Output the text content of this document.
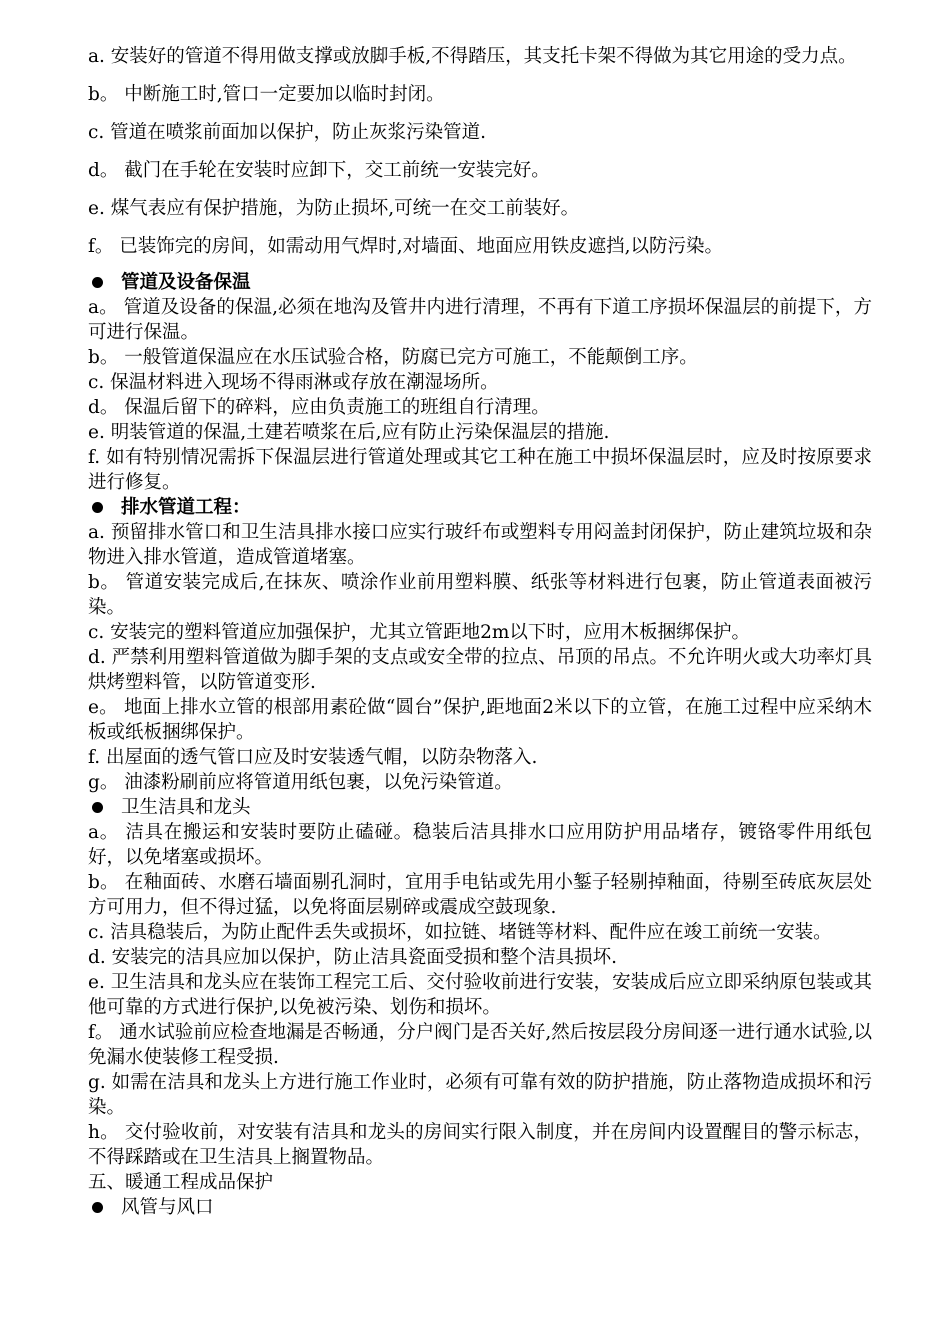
a. 安装好的管道不得用做支撑或放脚手板,不得踏压，其支托卡架不得做为其它用途的受力点。

b。 中断施工时,管口一定要加以临时封闭。

c. 管道在喷浆前面加以保护，防止灰浆污染管道.

d。 截门在手轮在安装时应卸下，交工前统一安装完好。

e. 煤气表应有保护措施，为防止损坏,可统一在交工前装好。

f。 已装饰完的房间，如需动用气焊时,对墙面、地面应用铁皮遮挡,以防污染。

管道及设备保温

a。 管道及设备的保温,必须在地沟及管井内进行清理，不再有下道工序损坏保温层的前提下，方可进行保温。

b。 一般管道保温应在水压试验合格，防腐已完方可施工，不能颠倒工序。

c. 保温材料进入现场不得雨淋或存放在潮湿场所。

d。 保温后留下的碎料，应由负责施工的班组自行清理。

e. 明装管道的保温,土建若喷浆在后,应有防止污染保温层的措施.

f. 如有特别情况需拆下保温层进行管道处理或其它工种在施工中损坏保温层时，应及时按原要求进行修复。

排水管道工程：

a. 预留排水管口和卫生洁具排水接口应实行玻纤布或塑料专用闷盖封闭保护，防止建筑垃圾和杂物进入排水管道，造成管道堵塞。

b。 管道安装完成后,在抹灰、喷涂作业前用塑料膜、纸张等材料进行包裹，防止管道表面被污染。

c. 安装完的塑料管道应加强保护，尤其立管距地2m以下时，应用木板捆绑保护。

d. 严禁利用塑料管道做为脚手架的支点或安全带的拉点、吊顶的吊点。不允许明火或大功率灯具烘烤塑料管，以防管道变形.

e。 地面上排水立管的根部用素砼做“圆台”保护,距地面2米以下的立管，在施工过程中应采纳木板或纸板捆绑保护。

f. 出屋面的透气管口应及时安装透气帽，以防杂物落入.

g。 油漆粉刷前应将管道用纸包裹，以免污染管道。

卫生洁具和龙头

a。 洁具在搬运和安装时要防止磕碰。稳装后洁具排水口应用防护用品堵存，镀铬零件用纸包好，以免堵塞或损坏。

b。 在釉面砖、水磨石墙面剔孔洞时，宜用手电钻或先用小錾子轻剔掉釉面，待剔至砖底灰层处方可用力，但不得过猛，以免将面层剔碎或震成空鼓现象.

c. 洁具稳装后，为防止配件丢失或损坏，如拉链、堵链等材料、配件应在竣工前统一安装。

d. 安装完的洁具应加以保护，防止洁具瓷面受损和整个洁具损坏.

e. 卫生洁具和龙头应在装饰工程完工后、交付验收前进行安装，安装成后应立即采纳原包装或其他可靠的方式进行保护,以免被污染、划伤和损坏。

f。 通水试验前应检查地漏是否畅通，分户阀门是否关好,然后按层段分房间逐一进行通水试验,以免漏水使装修工程受损.

g. 如需在洁具和龙头上方进行施工作业时，必须有可靠有效的防护措施，防止落物造成损坏和污染。

h。 交付验收前，对安装有洁具和龙头的房间实行限入制度，并在房间内设置醒目的警示标志，不得踩踏或在卫生洁具上搁置物品。

五、暖通工程成品保护

风管与风口
